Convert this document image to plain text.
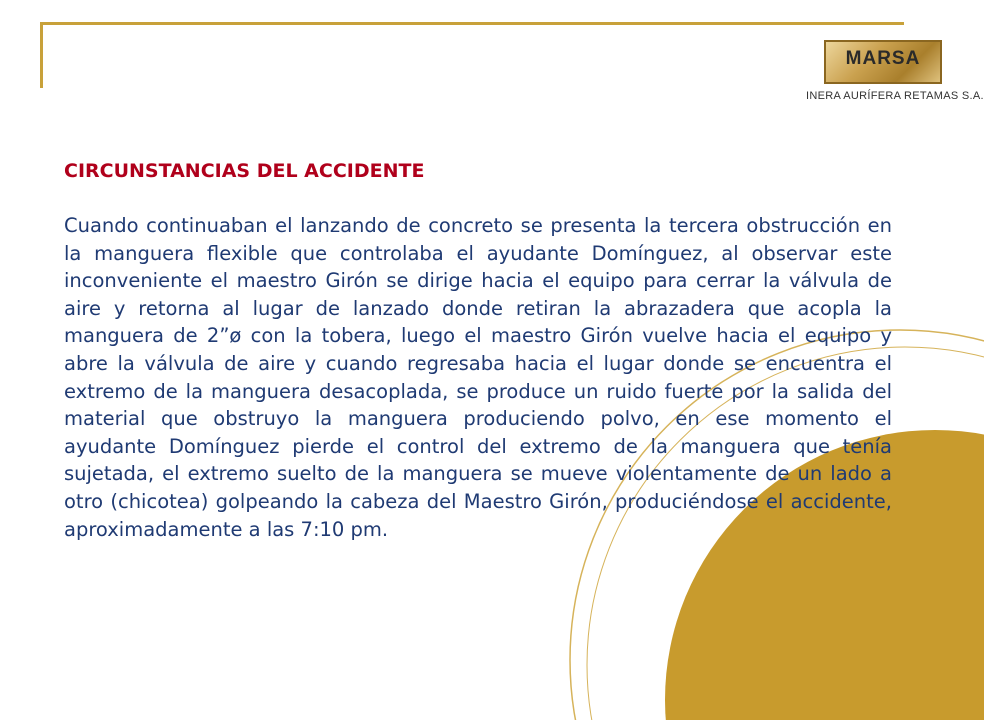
MARSA
INERA AURÍFERA RETAMAS S.A.
CIRCUNSTANCIAS DEL ACCIDENTE

Cuando continuaban el lanzando de concreto se presenta la tercera obstrucción en la manguera flexible que controlaba el ayudante Domínguez, al observar este inconveniente el maestro Girón se dirige hacia el equipo para cerrar la válvula de aire y retorna al lugar de lanzado donde retiran la abrazadera que acopla la manguera de 2”ø con la tobera, luego el maestro Girón vuelve hacia el equipo y abre la válvula de aire y cuando regresaba hacia el lugar donde se encuentra el extremo de la manguera desacoplada, se produce un ruido fuerte por la salida del material que obstruyo la manguera produciendo polvo, en ese momento el ayudante Domínguez pierde el control del extremo de la manguera que tenía sujetada, el extremo suelto de la manguera se mueve violentamente de un lado a otro (chicotea) golpeando la cabeza del Maestro Girón, produciéndose el accidente, aproximadamente a las 7:10 pm.
